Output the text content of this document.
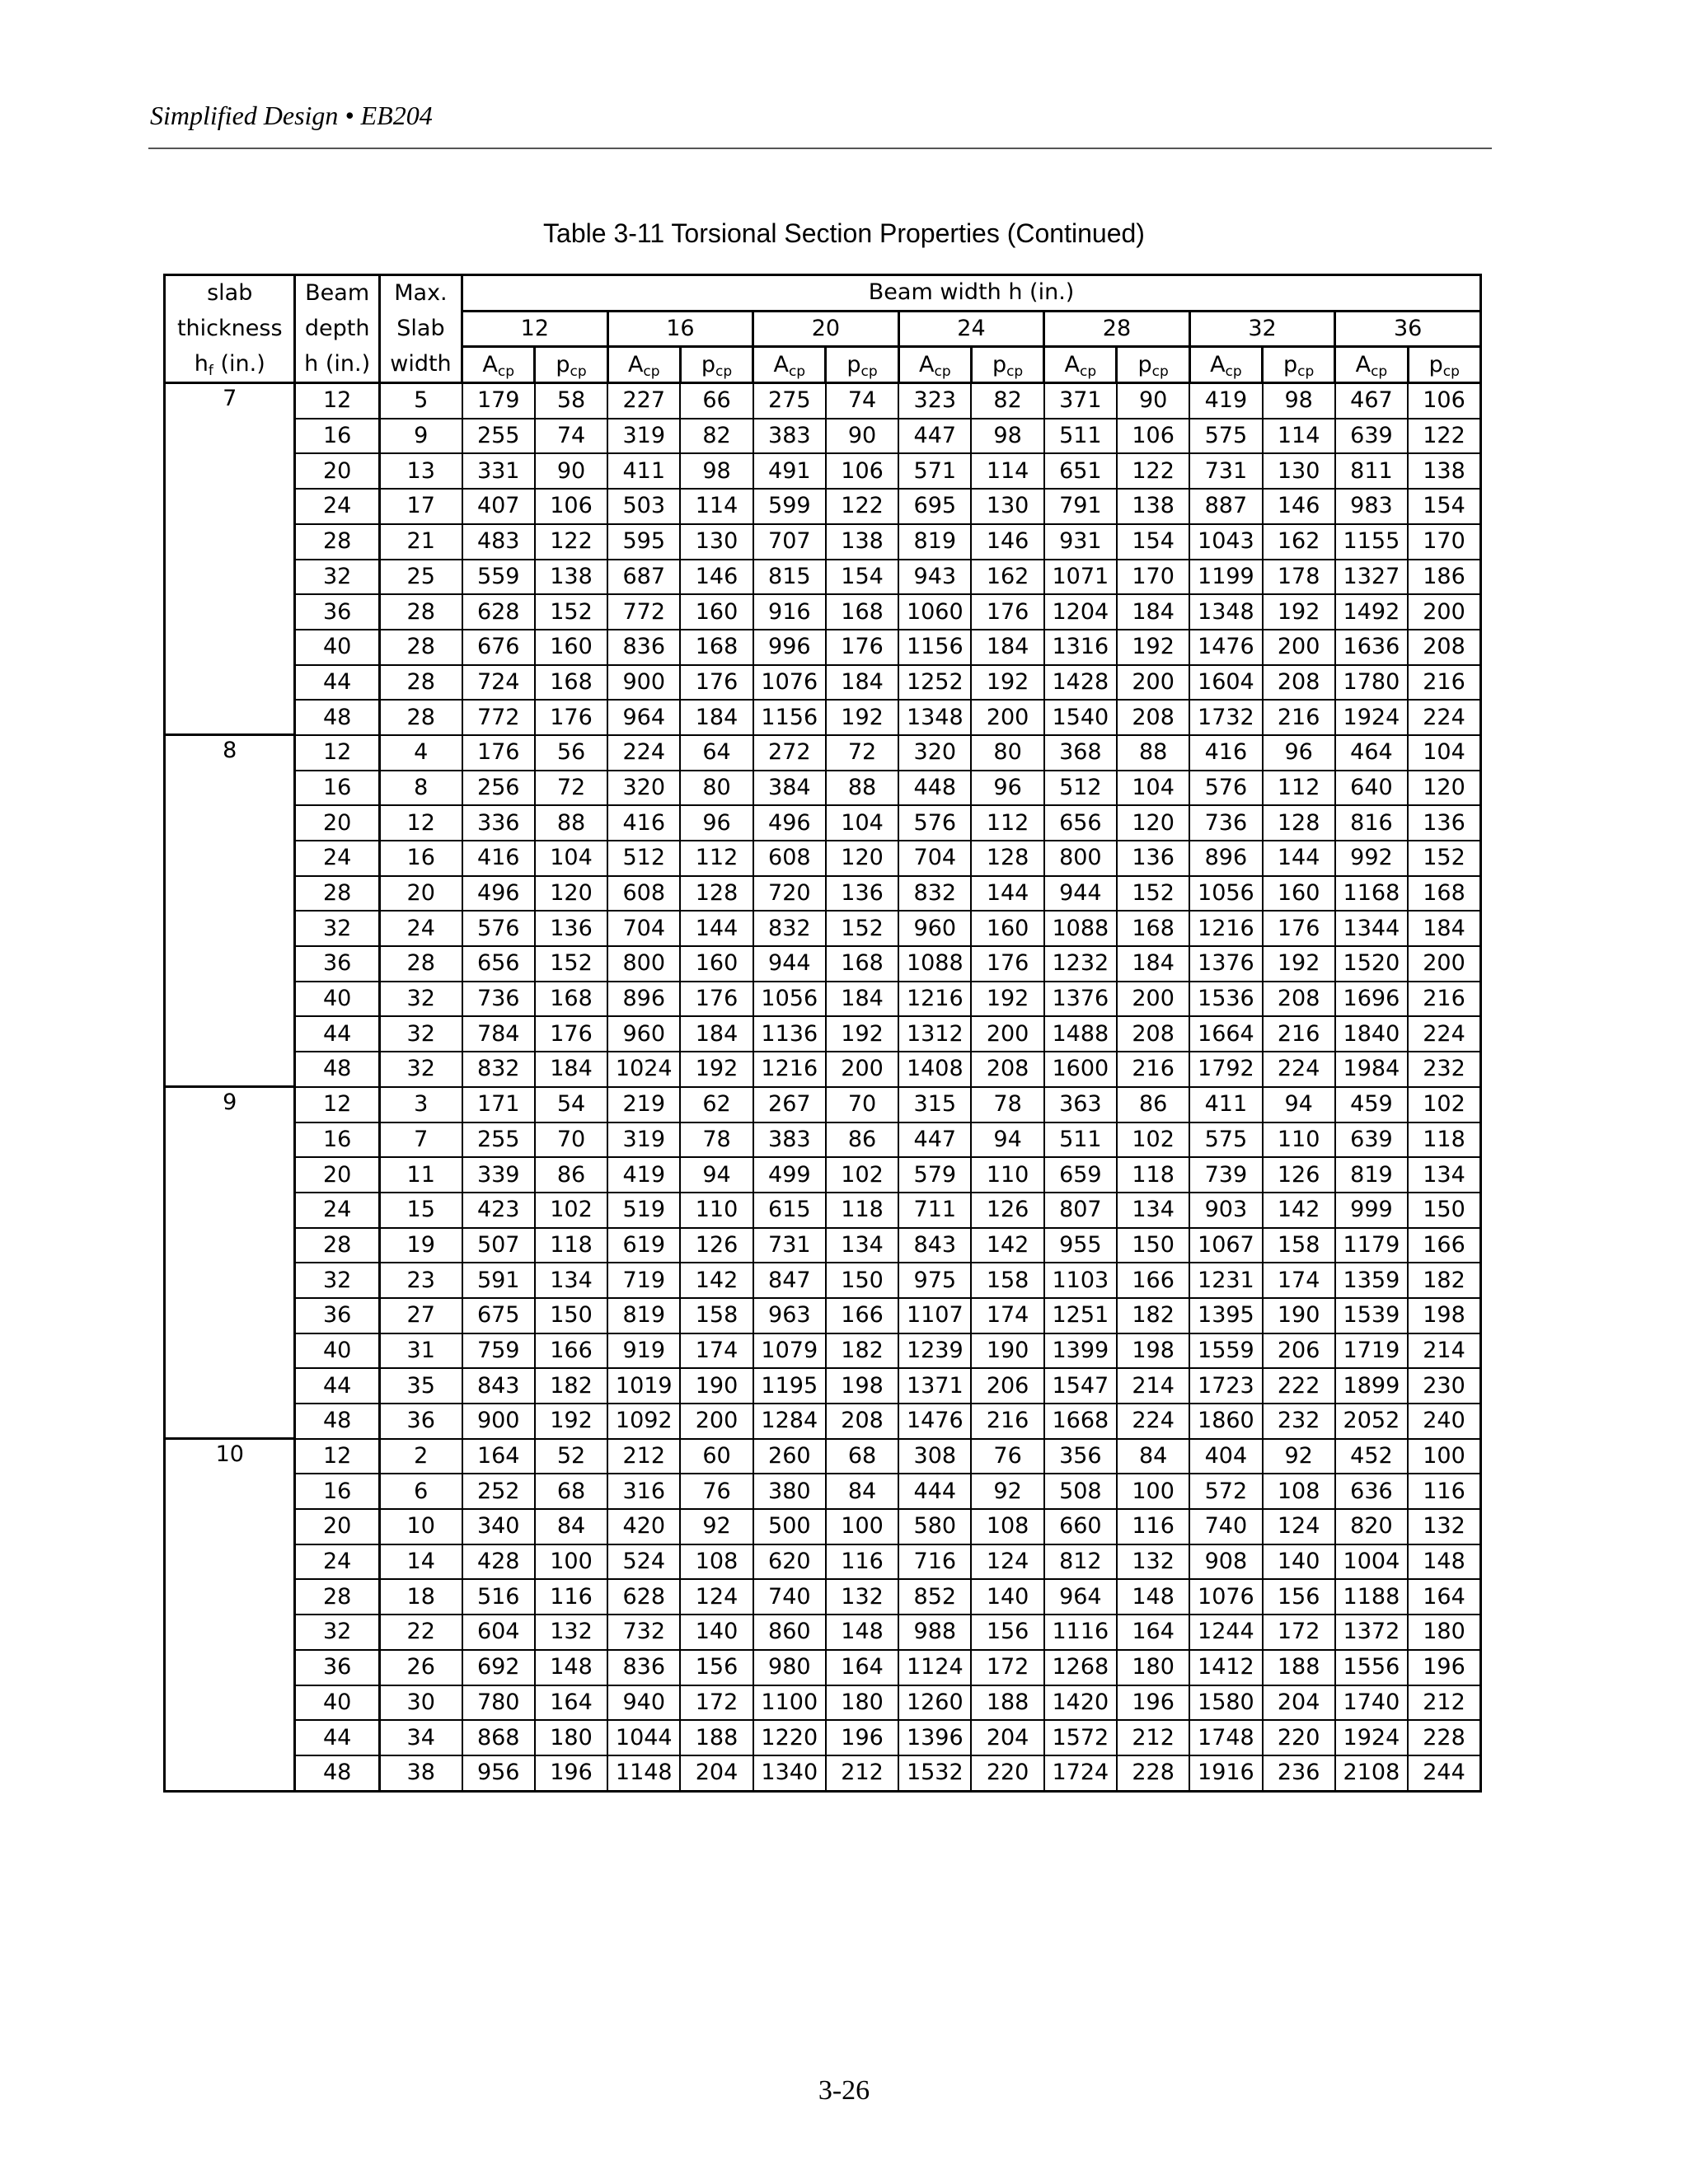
Simplified Design • EB204
Table 3-11 Torsional Section Properties (Continued)
slab	Beam	Max.	Beam width h (in.)													
thickness	depth	Slab	12		16		20		24		28		32		36	
$h_f$ (in.)	h (in.)	width	$A_{cp}$	$p_{cp}$	$A_{cp}$	$p_{cp}$	$A_{cp}$	$p_{cp}$	$A_{cp}$	$p_{cp}$	$A_{cp}$	$p_{cp}$	$A_{cp}$	$p_{cp}$	$A_{cp}$	$p_{cp}$
7	12	5	179	58	227	66	275	74	323	82	371	90	419	98	467	106
	16	9	255	74	319	82	383	90	447	98	511	106	575	114	639	122
	20	13	331	90	411	98	491	106	571	114	651	122	731	130	811	138
	24	17	407	106	503	114	599	122	695	130	791	138	887	146	983	154
	28	21	483	122	595	130	707	138	819	146	931	154	1043	162	1155	170
	32	25	559	138	687	146	815	154	943	162	1071	170	1199	178	1327	186
	36	28	628	152	772	160	916	168	1060	176	1204	184	1348	192	1492	200
	40	28	676	160	836	168	996	176	1156	184	1316	192	1476	200	1636	208
	44	28	724	168	900	176	1076	184	1252	192	1428	200	1604	208	1780	216
	48	28	772	176	964	184	1156	192	1348	200	1540	208	1732	216	1924	224
8	12	4	176	56	224	64	272	72	320	80	368	88	416	96	464	104
	16	8	256	72	320	80	384	88	448	96	512	104	576	112	640	120
	20	12	336	88	416	96	496	104	576	112	656	120	736	128	816	136
	24	16	416	104	512	112	608	120	704	128	800	136	896	144	992	152
	28	20	496	120	608	128	720	136	832	144	944	152	1056	160	1168	168
	32	24	576	136	704	144	832	152	960	160	1088	168	1216	176	1344	184
	36	28	656	152	800	160	944	168	1088	176	1232	184	1376	192	1520	200
	40	32	736	168	896	176	1056	184	1216	192	1376	200	1536	208	1696	216
	44	32	784	176	960	184	1136	192	1312	200	1488	208	1664	216	1840	224
	48	32	832	184	1024	192	1216	200	1408	208	1600	216	1792	224	1984	232
9	12	3	171	54	219	62	267	70	315	78	363	86	411	94	459	102
	16	7	255	70	319	78	383	86	447	94	511	102	575	110	639	118
	20	11	339	86	419	94	499	102	579	110	659	118	739	126	819	134
	24	15	423	102	519	110	615	118	711	126	807	134	903	142	999	150
	28	19	507	118	619	126	731	134	843	142	955	150	1067	158	1179	166
	32	23	591	134	719	142	847	150	975	158	1103	166	1231	174	1359	182
	36	27	675	150	819	158	963	166	1107	174	1251	182	1395	190	1539	198
	40	31	759	166	919	174	1079	182	1239	190	1399	198	1559	206	1719	214
	44	35	843	182	1019	190	1195	198	1371	206	1547	214	1723	222	1899	230
	48	36	900	192	1092	200	1284	208	1476	216	1668	224	1860	232	2052	240
10	12	2	164	52	212	60	260	68	308	76	356	84	404	92	452	100
	16	6	252	68	316	76	380	84	444	92	508	100	572	108	636	116
	20	10	340	84	420	92	500	100	580	108	660	116	740	124	820	132
	24	14	428	100	524	108	620	116	716	124	812	132	908	140	1004	148
	28	18	516	116	628	124	740	132	852	140	964	148	1076	156	1188	164
	32	22	604	132	732	140	860	148	988	156	1116	164	1244	172	1372	180
	36	26	692	148	836	156	980	164	1124	172	1268	180	1412	188	1556	196
	40	30	780	164	940	172	1100	180	1260	188	1420	196	1580	204	1740	212
	44	34	868	180	1044	188	1220	196	1396	204	1572	212	1748	220	1924	228
	48	38	956	196	1148	204	1340	212	1532	220	1724	228	1916	236	2108	244
3-26
